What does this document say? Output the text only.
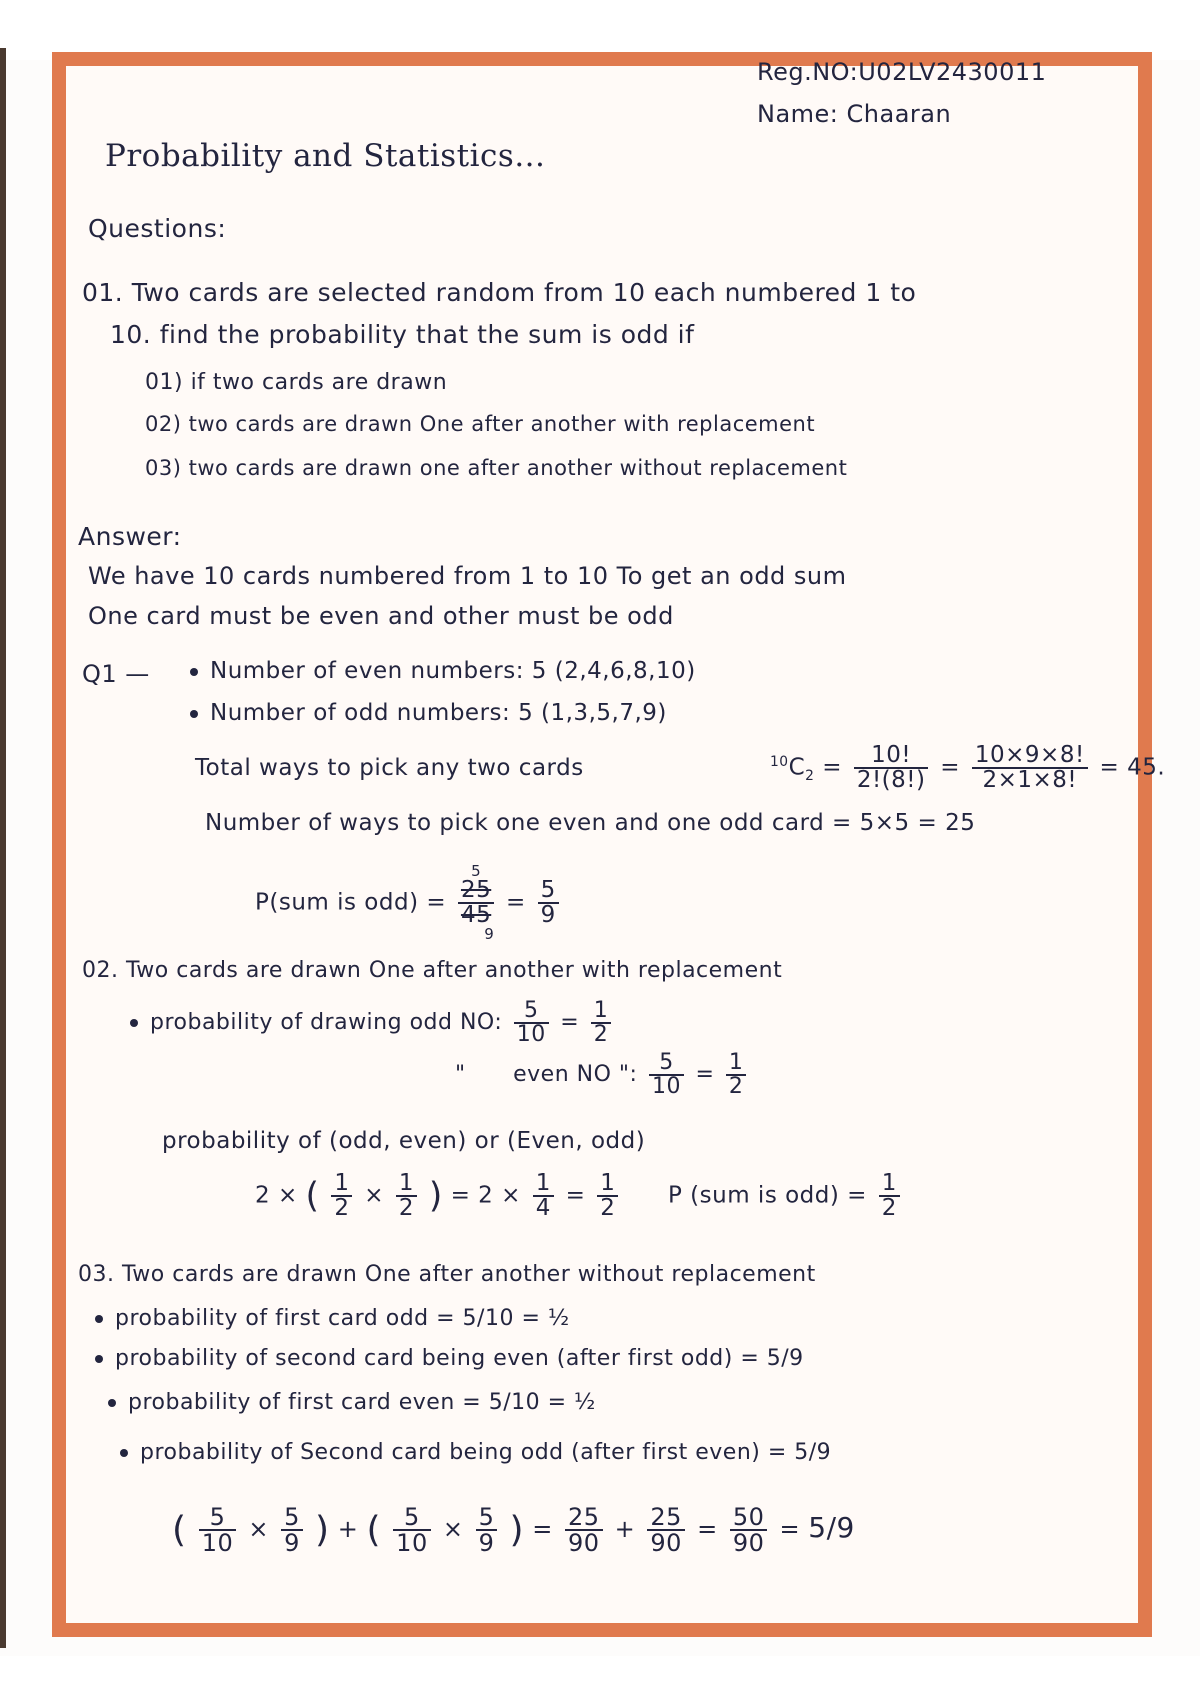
Reg.NO:U02LV2430011
Name: Chaaran
Probability and Statistics...
Questions:
01. Two cards are selected random from 10 each numbered 1 to
10. find the probability that the sum is odd if
01) if two cards are drawn
02) two cards are drawn One after another with replacement
03) two cards are drawn one after another without replacement
Answer:
We have 10 cards numbered from 1 to 10 To get an odd sum
One card must be even and other must be odd
Q1 —	Number of even numbers: 5 (2,4,6,8,10)
Number of odd numbers: 5 (1,3,5,7,9)
Total ways to pick any two cards	$^{10}C_2 = \frac{10!}{2!(8!)} = \frac{10\times 9\times 8!}{2\times 1\times 8!} = 45$.
Number of ways to pick one even and one odd card = 5×5 = 25
P(sum is odd) =
5
25
45
9
= $\frac{5}{9}$
02. Two cards are drawn One after another with replacement
probability of drawing odd NO: $\frac{5}{10} = \frac{1}{2}$
" even NO ": $\frac{5}{10} = \frac{1}{2}$
probability of (odd, even) or (Even, odd)
2 × ( $\frac{1}{2} \times \frac{1}{2}$ ) = $2 \times \frac{1}{4} = \frac{1}{2}$ P (sum is $odd) = \frac{1}{2}$
03. Two cards are drawn One after another without replacement
probability of first card odd = 5/10 = ½
probability of second card being even (after first odd) = 5/9
probability of first card even = 5/10 = ½
probability of Second card being odd (after first even) = 5/9
( $\frac{5}{10} \times \frac{5}{9}$ ) + ( $\frac{5}{10} \times \frac{5}{9}$ ) = $\frac{25}{90} + \frac{25}{90} = \frac{50}{90} = 5/9$
